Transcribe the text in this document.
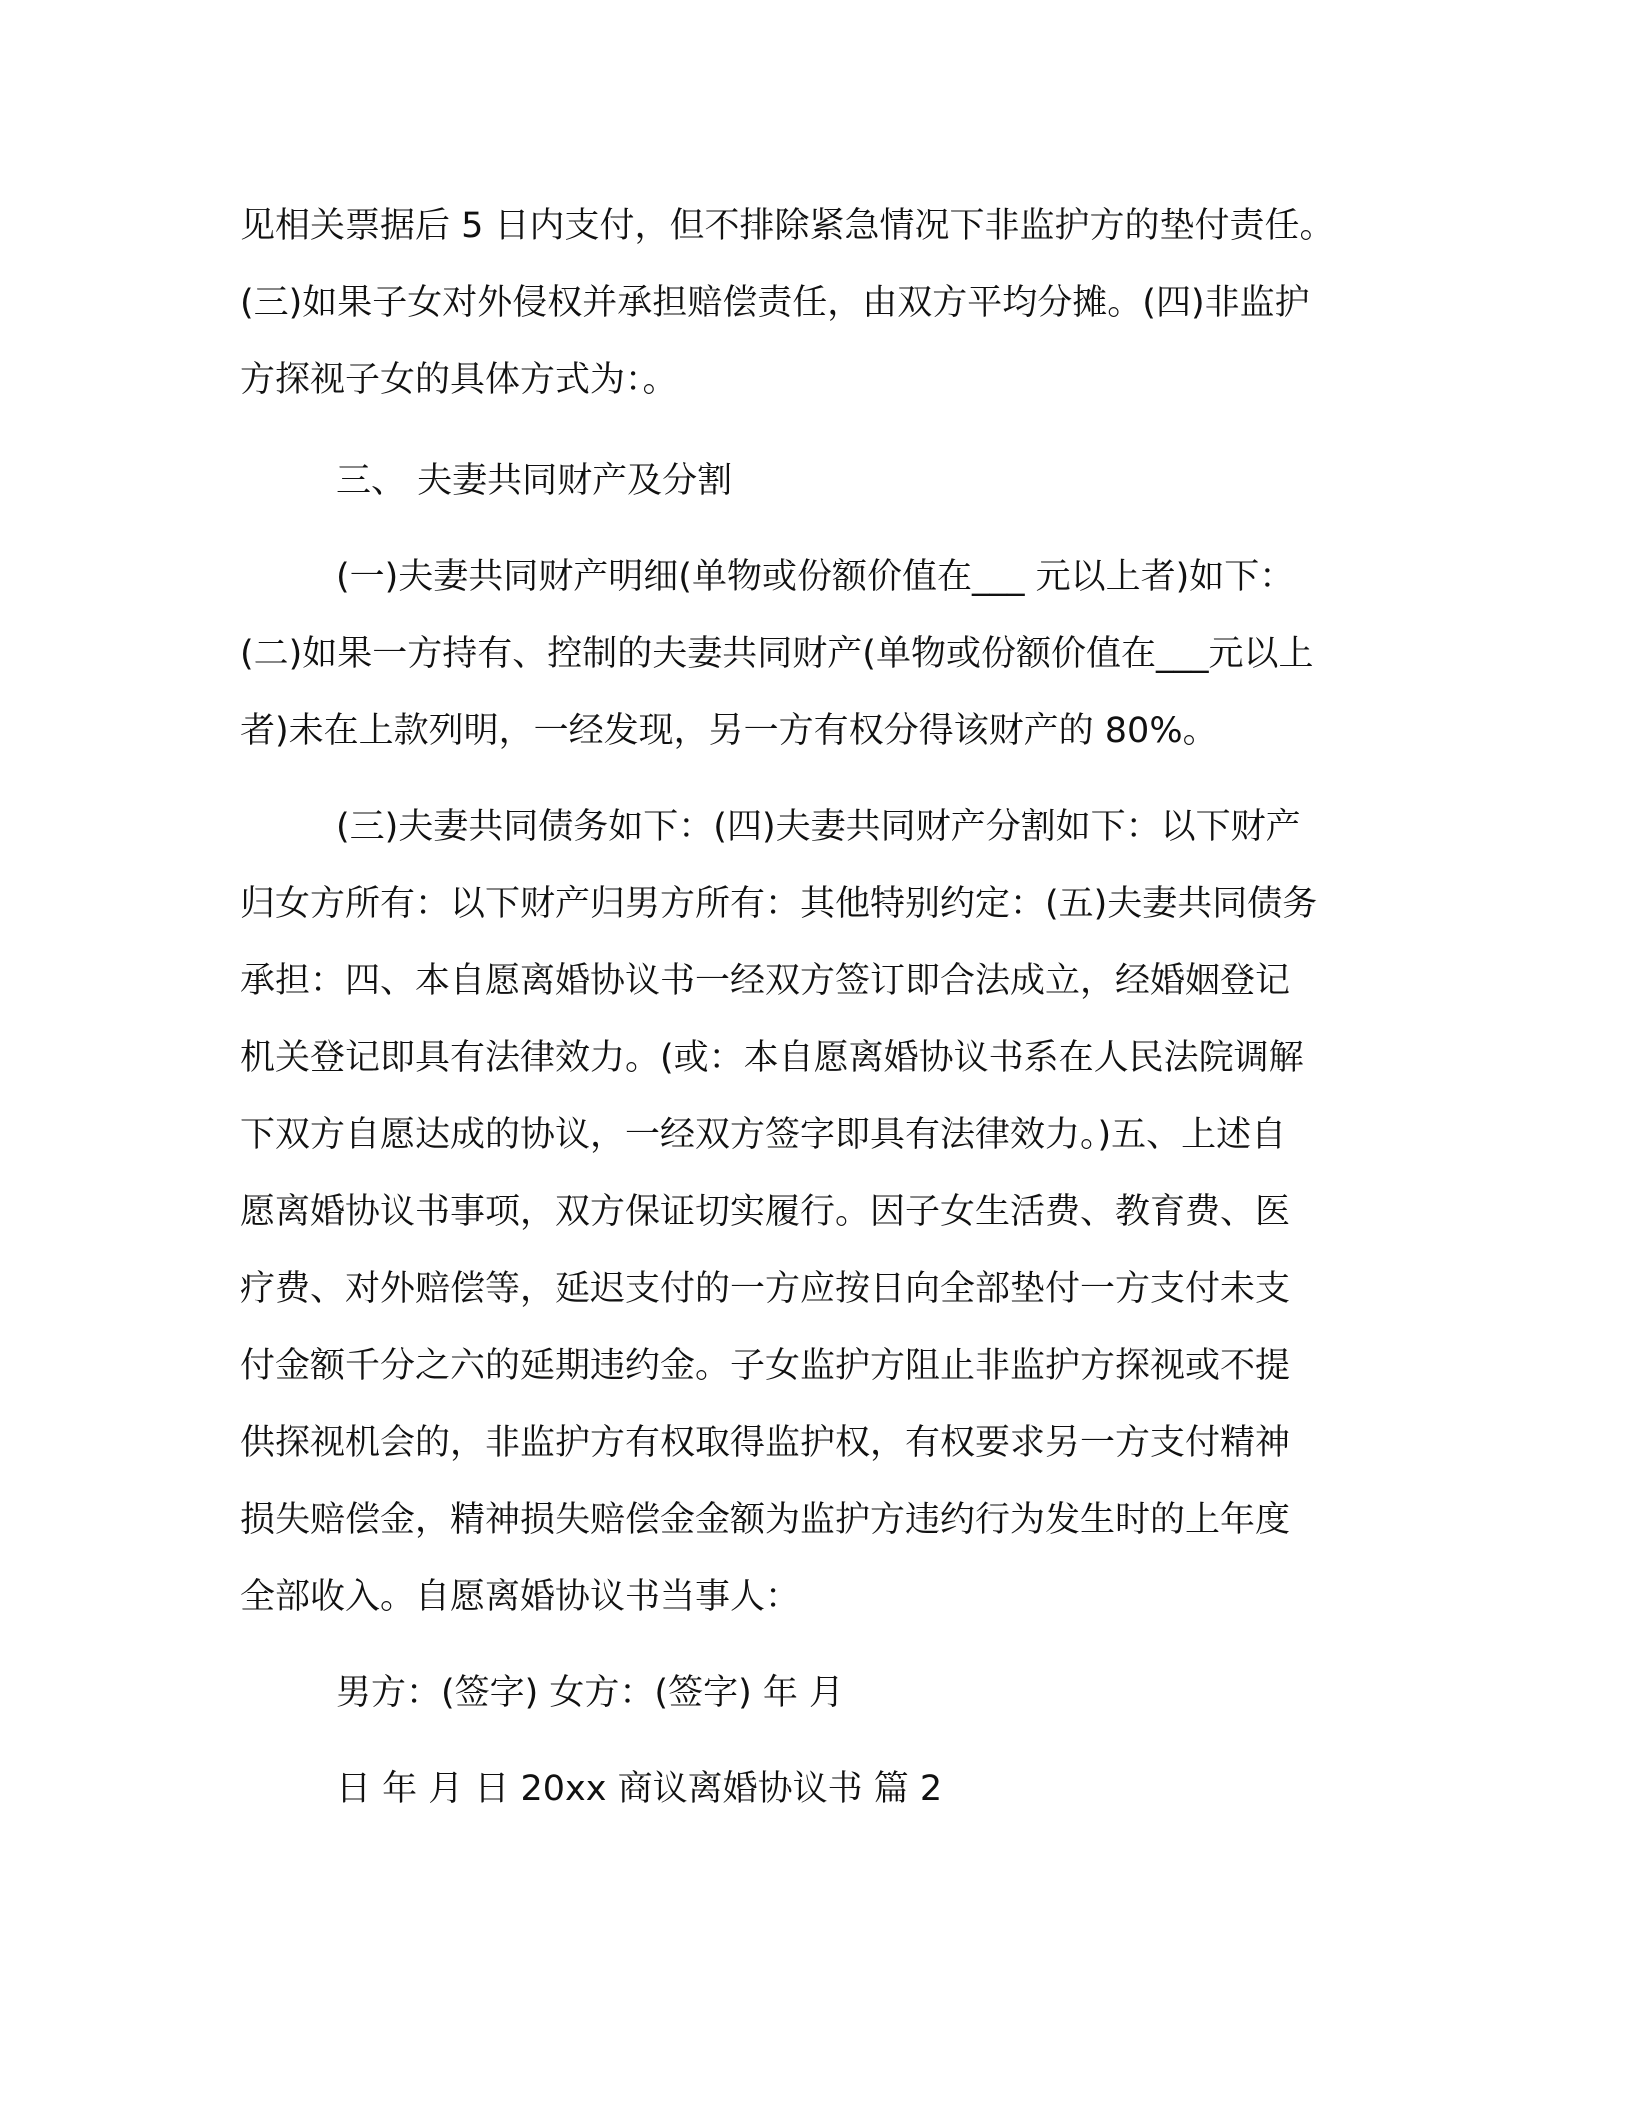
见相关票据后 5 日内支付，但不排除紧急情况下非监护方的垫付责任。
(三)如果子女对外侵权并承担赔偿责任，由双方平均分摊。(四)非监护
方探视子女的具体方式为：。

三、 夫妻共同财产及分割

(一)夫妻共同财产明细(单物或份额价值在___ 元以上者)如下：
(二)如果一方持有、控制的夫妻共同财产(单物或份额价值在___元以上
者)未在上款列明，一经发现，另一方有权分得该财产的 80%。

(三)夫妻共同债务如下：(四)夫妻共同财产分割如下：以下财产
归女方所有：以下财产归男方所有：其他特别约定：(五)夫妻共同债务
承担：四、本自愿离婚协议书一经双方签订即合法成立，经婚姻登记
机关登记即具有法律效力。(或：本自愿离婚协议书系在人民法院调解
下双方自愿达成的协议，一经双方签字即具有法律效力。)五、上述自
愿离婚协议书事项，双方保证切实履行。因子女生活费、教育费、医
疗费、对外赔偿等，延迟支付的一方应按日向全部垫付一方支付未支
付金额千分之六的延期违约金。子女监护方阻止非监护方探视或不提
供探视机会的，非监护方有权取得监护权，有权要求另一方支付精神
损失赔偿金，精神损失赔偿金金额为监护方违约行为发生时的上年度
全部收入。自愿离婚协议书当事人：

男方：(签字) 女方：(签字) 年 月

日 年 月 日 20xx 商议离婚协议书 篇 2
